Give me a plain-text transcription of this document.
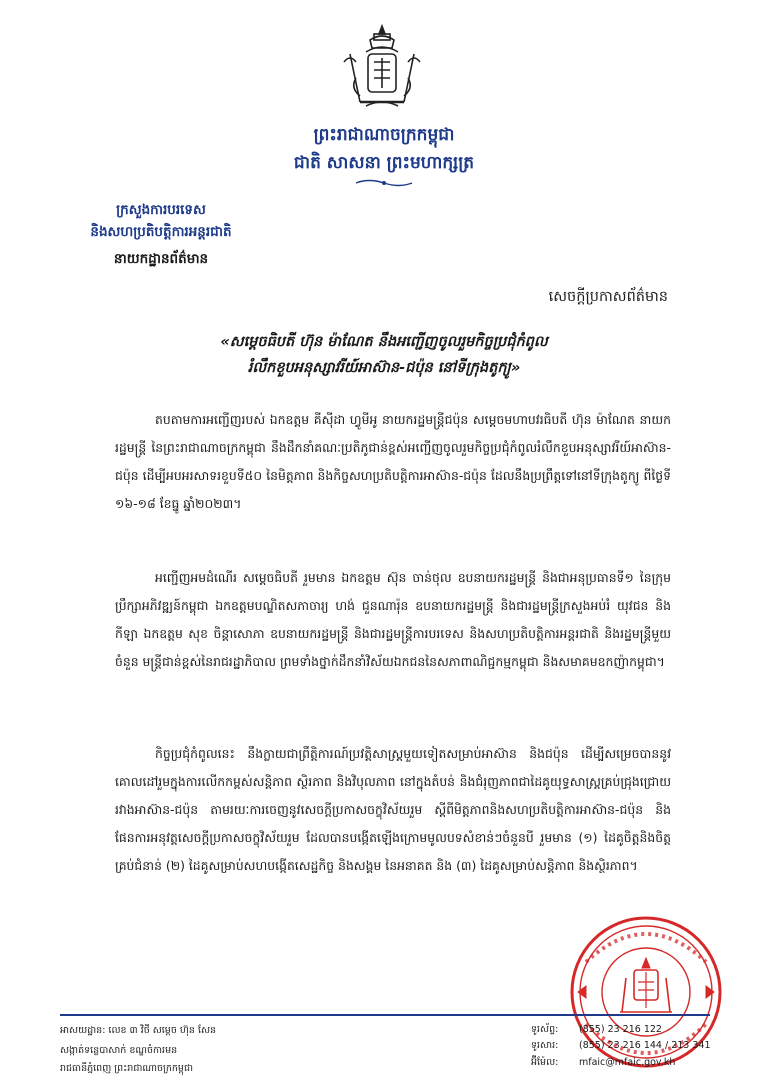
ព្រះរាជាណាចក្រកម្ពុជា
ជាតិ សាសនា ព្រះមហាក្សត្រ
ក្រសួងការបរទេស
និងសហប្រតិបត្តិការអន្តរជាតិ
នាយកដ្ឋានព័ត៌មាន
សេចក្តីប្រកាសព័ត៌មាន
«សម្តេចធិបតី ហ៊ុន ម៉ាណែត នឹងអញ្ជើញចូលរួមកិច្ចប្រជុំកំពូល
រំលឹកខួបអនុស្សាវរីយ៍អាស៊ាន-ជប៉ុន នៅទីក្រុងតូក្យូ»

តបតាមការអញ្ជើញរបស់ ឯកឧត្តម គីស៊ីដា ហ្វូមីអូ នាយករដ្ឋមន្ត្រីជប៉ុន សម្តេចមហាបវរធិបតី ហ៊ុន ម៉ាណែត នាយករដ្ឋមន្ត្រី នៃព្រះរាជាណាចក្រកម្ពុជា នឹងដឹកនាំគណៈប្រតិភូជាន់ខ្ពស់អញ្ជើញចូលរួមកិច្ចប្រជុំកំពូលរំលឹកខួបអនុស្សាវរីយ៍អាស៊ាន-ជប៉ុន ដើម្បីអបអរសាទរខួបទី៥០ នៃមិត្តភាព និងកិច្ចសហប្រតិបត្តិការអាស៊ាន-ជប៉ុន ដែលនឹងប្រព្រឹត្តទៅនៅទីក្រុងតូក្យូ ពីថ្ងៃទី ១៦-១៨ ខែធ្នូ ឆ្នាំ២០២៣។

អញ្ជើញអមដំណើរ សម្តេចធិបតី រួមមាន ឯកឧត្តម ស៊ុន ចាន់ថុល ឧបនាយករដ្ឋមន្ត្រី និងជាអនុប្រធានទី១ នៃក្រុមប្រឹក្សាអភិវឌ្ឍន៍កម្ពុជា ឯកឧត្តមបណ្ឌិតសភាចារ្យ ហង់ ជួនណារ៉ុន ឧបនាយករដ្ឋមន្ត្រី និងជារដ្ឋមន្ត្រីក្រសួងអប់រំ យុវជន និងកីឡា ឯកឧត្តម សុខ ចិន្តាសោភា ឧបនាយករដ្ឋមន្ត្រី និងជារដ្ឋមន្ត្រីការបរទេស និងសហប្រតិបត្តិការអន្តរជាតិ និងរដ្ឋមន្ត្រីមួយចំនួន មន្ត្រីជាន់ខ្ពស់នៃរាជរដ្ឋាភិបាល ព្រមទាំងថ្នាក់ដឹកនាំវិស័យឯកជននៃសភាពាណិជ្ជកម្មកម្ពុជា និងសមាគមឧកញ៉ាកម្ពុជា។

កិច្ចប្រជុំកំពូលនេះ នឹងក្លាយជាព្រឹត្តិការណ៍ប្រវត្តិសាស្ត្រមួយទៀតសម្រាប់អាស៊ាន និងជប៉ុន ដើម្បីសម្រេចបាននូវគោលដៅរួមក្នុងការលើកកម្ពស់សន្តិភាព ស្ថិរភាព និងវិបុលភាព នៅក្នុងតំបន់ និងជំរុញភាពជាដៃគូយុទ្ធសាស្ត្រគ្រប់ជ្រុងជ្រោយរវាងអាស៊ាន-ជប៉ុន តាមរយៈការចេញនូវសេចក្តីប្រកាសចក្ខុវិស័យរួម ស្តីពីមិត្តភាពនិងសហប្រតិបត្តិការអាស៊ាន-ជប៉ុន និងផែនការអនុវត្តសេចក្តីប្រកាសចក្ខុវិស័យរួម ដែលបានបង្កើតឡើងក្រោមមូលបទសំខាន់ៗចំនួនបី រួមមាន (១) ដៃគូចិត្តនិងចិត្តគ្រប់ជំនាន់ (២) ដៃគូសម្រាប់សហបង្កើតសេដ្ឋកិច្ច និងសង្គម នៃអនាគត និង (៣) ដៃគូសម្រាប់សន្តិភាព និងស្ថិរភាព។

អាសយដ្ឋាន: លេខ ៣ វិថី សម្តេច ហ៊ុន សែន
សង្កាត់ទន្លេបាសាក់ ខណ្ឌចំការមន
រាជធានីភ្នំពេញ ព្រះរាជាណាចក្រកម្ពុជា
ទូរស័ព្ទ: (855) 23 216 122
ទូរសារ: (855) 23 216 144 / 213 341
អ៊ីម៉ែល: mfaic@mfaic.gov.kh
